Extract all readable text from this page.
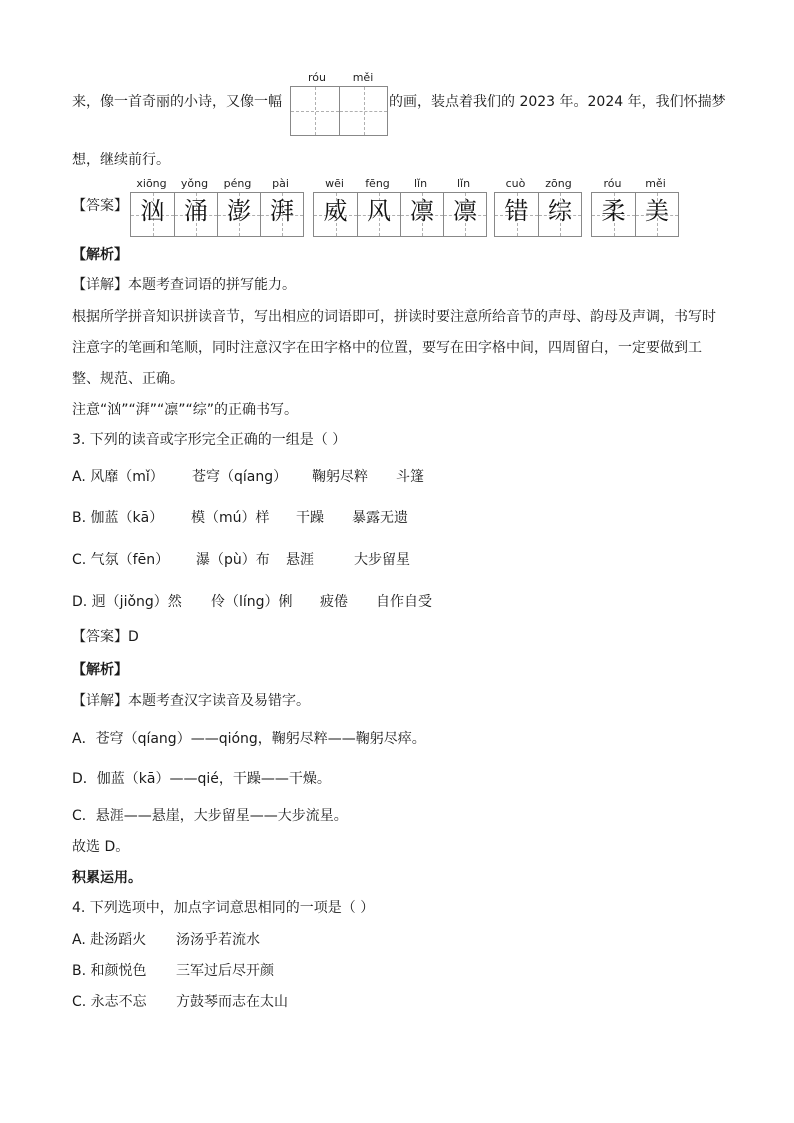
róu	měi
来，像一首奇丽的小诗，又像一幅	的画，装点着我们的 2023 年。2024 年，我们怀揣梦
想，继续前行。
【答案】
xiōng	yǒng	péng	pài
汹 涌 澎 湃
wēi	fēng	lǐn	lǐn
威 风 凛 凛
cuò	zōng
错 综
róu	měi
柔 美
【解析】
【详解】本题考查词语的拼写能力。
根据所学拼音知识拼读音节，写出相应的词语即可，拼读时要注意所给音节的声母、韵母及声调，书写时
注意字的笔画和笔顺，同时注意汉字在田字格中的位置，要写在田字格中间，四周留白，一定要做到工
整、规范、正确。
注意“汹”“湃”“凛”“综”的正确书写。
3. 下列的读音或字形完全正确的一组是（ ）
A. 风靡（mǐ） 苍穹（qíang） 鞠躬尽粹 斗篷
B. 伽蓝（kā） 模（mú）样 干躁 暴露无遗
C. 气氛（fēn） 瀑（pù）布 悬涯	大步留星
D. 迥（jiǒng）然 伶（líng）俐 疲倦 自作自受
【答案】D
【解析】
【详解】本题考查汉字读音及易错字。
A．苍穹（qíang）——qióng，鞠躬尽粹——鞠躬尽瘁。
D．伽蓝（kā）——qié，干躁——干燥。
C．悬涯——悬崖，大步留星——大步流星。
故选 D。
积累运用。
4. 下列选项中，加点字词意思相同的一项是（ ）
A. 赴汤蹈火 汤汤乎若流水
B. 和颜悦色 三军过后尽开颜
C. 永志不忘 方鼓琴而志在太山
